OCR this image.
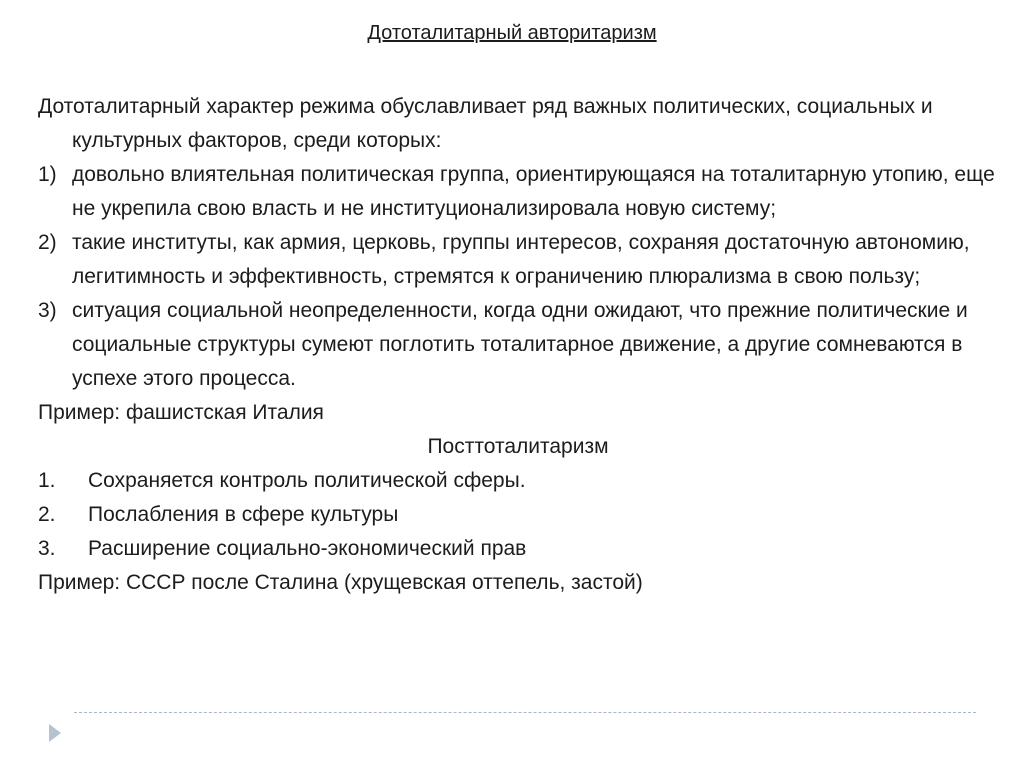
Дототалитарный авторитаризм
Дототалитарный характер режима обуславливает ряд важных политических, социальных и культурных факторов, среди которых:
1) довольно влиятельная политическая группа, ориентирующаяся на тоталитарную утопию, еще не укрепила свою власть и не институционализировала новую систему;
2) такие институты, как армия, церковь, группы интересов, сохраняя достаточную автономию, легитимность и эффективность, стремятся к ограничению плюрализма в свою пользу;
3) ситуация социальной неопределенности, когда одни ожидают, что прежние политические и социальные структуры сумеют поглотить тоталитарное движение, а другие сомневаются в успехе этого процесса.
Пример: фашистская Италия
Посттоталитаризм
1. Сохраняется контроль политической сферы.
2. Послабления в сфере культуры
3. Расширение социально-экономический прав
Пример: СССР после Сталина (хрущевская оттепель, застой)
